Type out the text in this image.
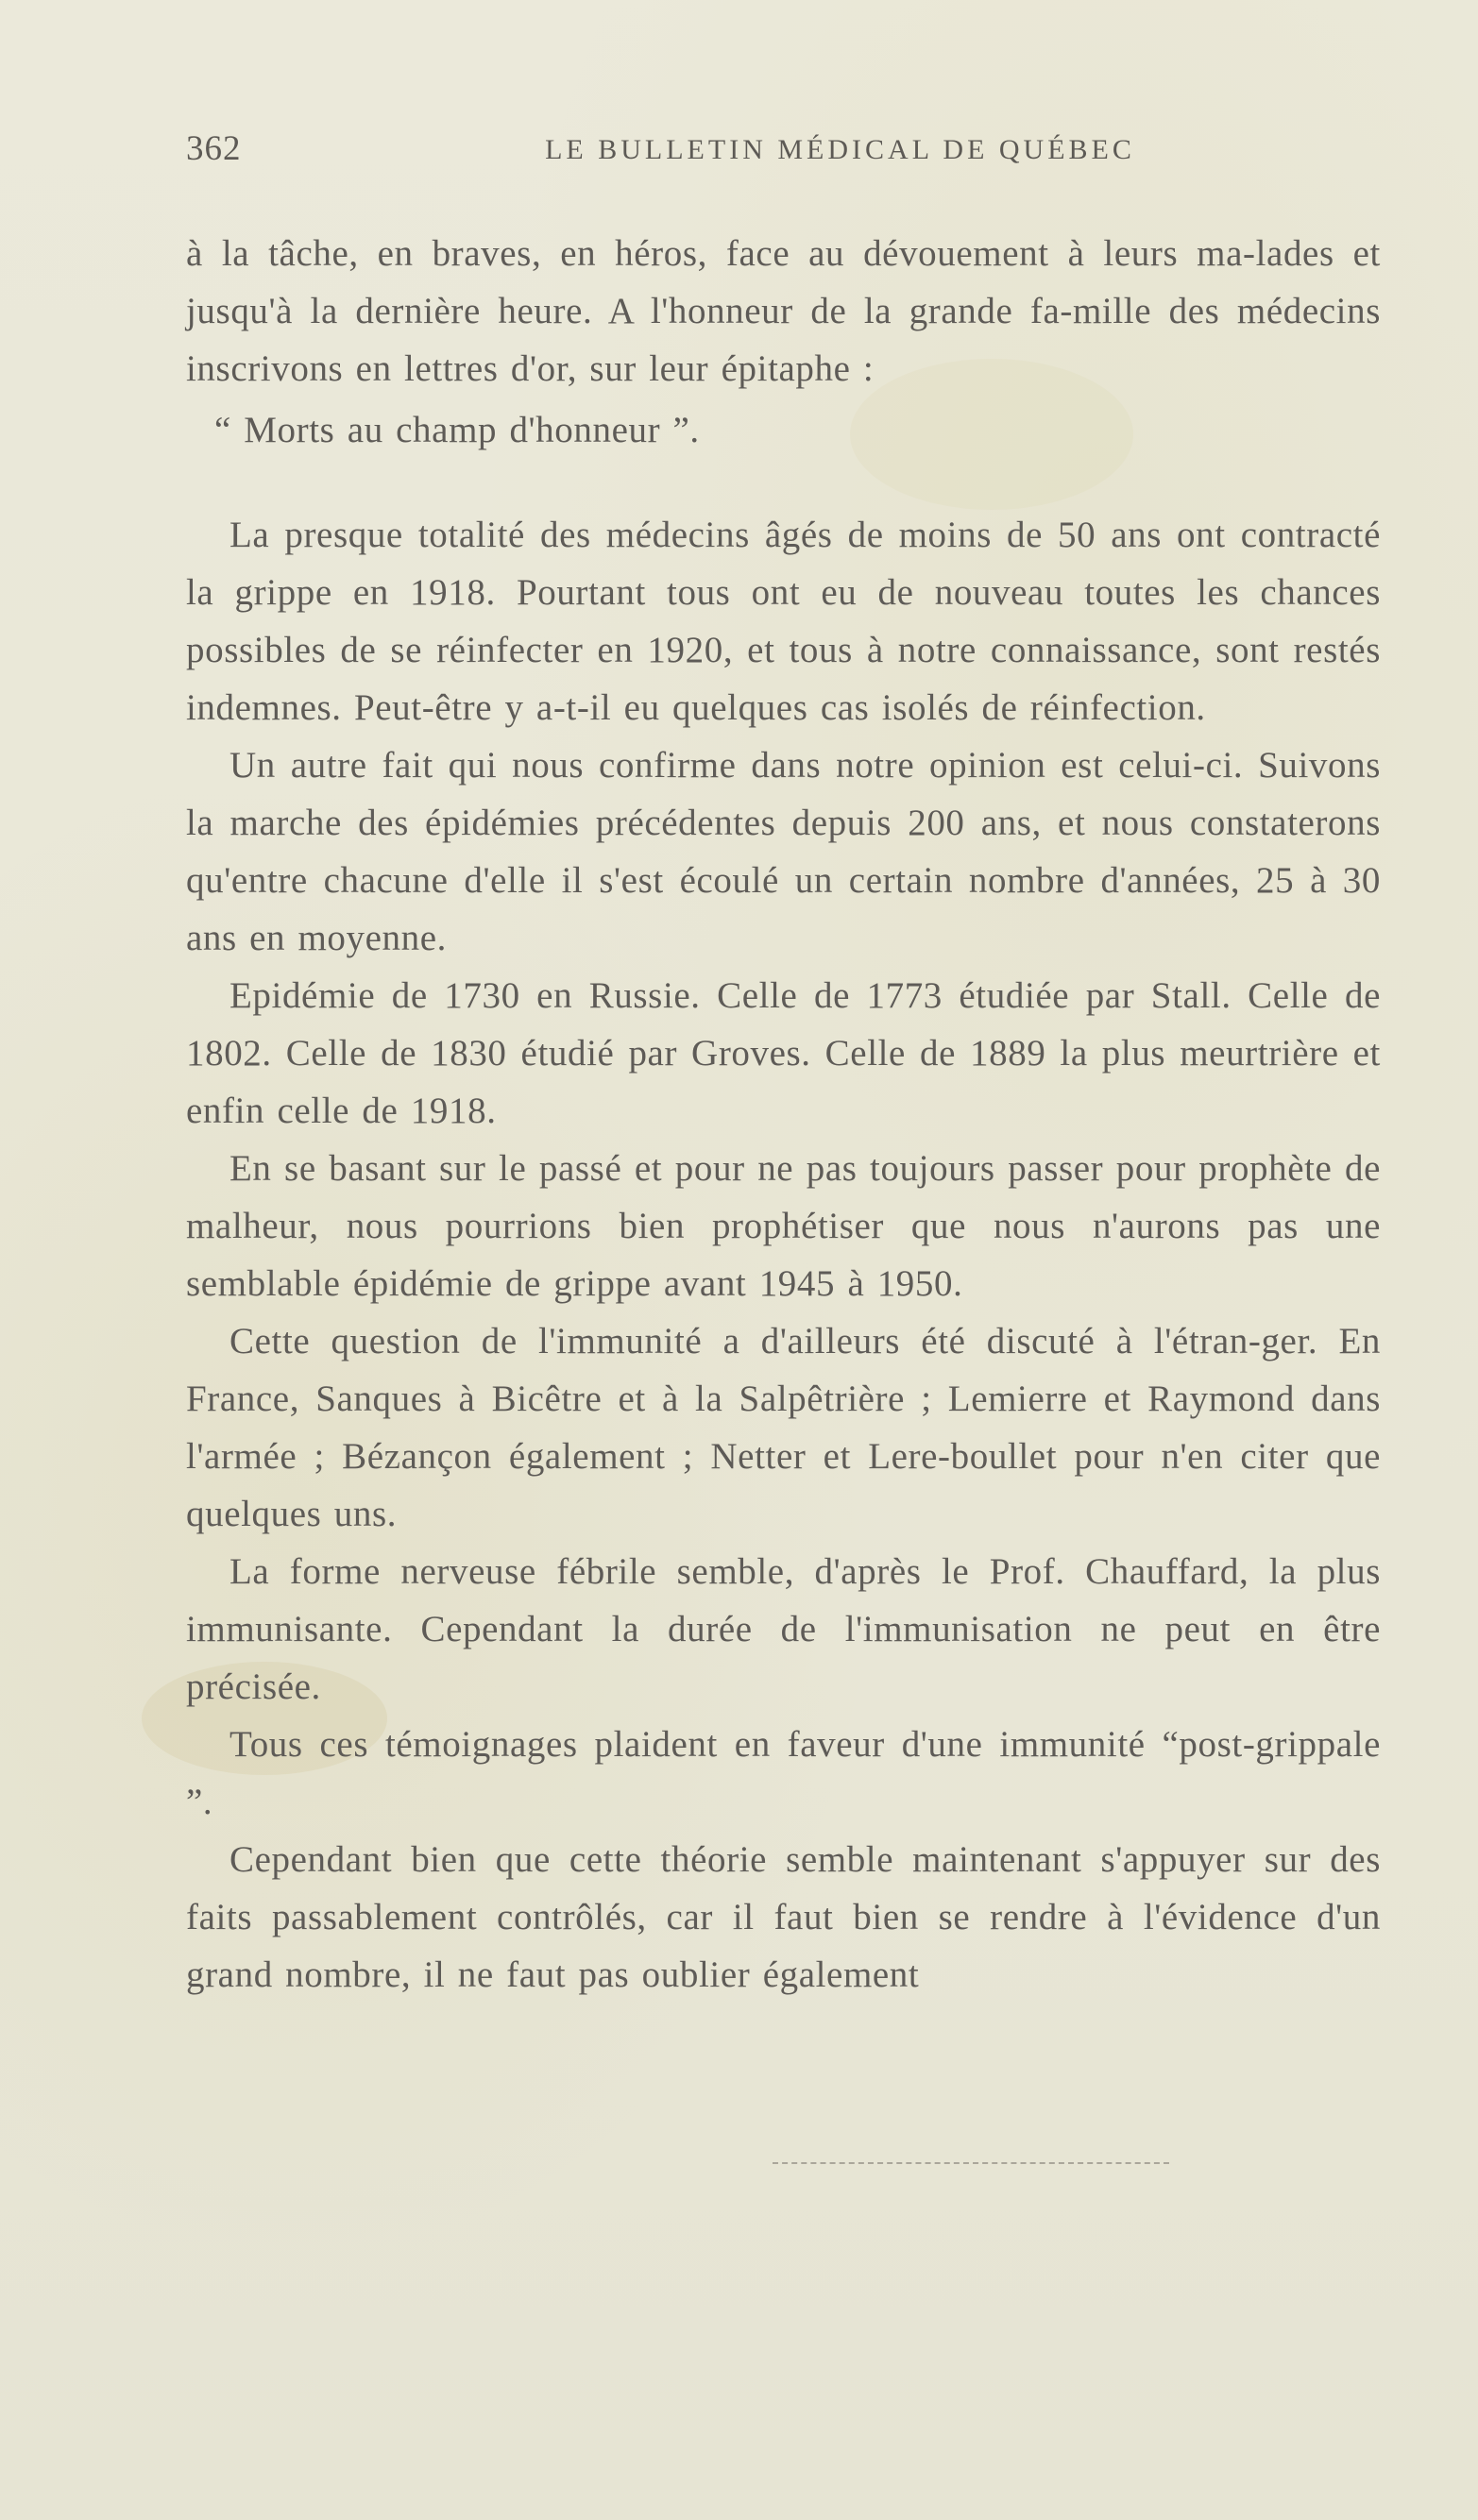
362	LE BULLETIN MÉDICAL DE QUÉBEC

à la tâche, en braves, en héros, face au dévouement à leurs ma-lades et jusqu'à la dernière heure. A l'honneur de la grande fa-mille des médecins inscrivons en lettres d'or, sur leur épitaphe :

“ Morts au champ d'honneur ”.

La presque totalité des médecins âgés de moins de 50 ans ont contracté la grippe en 1918. Pourtant tous ont eu de nouveau toutes les chances possibles de se réinfecter en 1920, et tous à notre connaissance, sont restés indemnes. Peut-être y a-t-il eu quelques cas isolés de réinfection.

Un autre fait qui nous confirme dans notre opinion est celui-ci. Suivons la marche des épidémies précédentes depuis 200 ans, et nous constaterons qu'entre chacune d'elle il s'est écoulé un certain nombre d'années, 25 à 30 ans en moyenne.

Epidémie de 1730 en Russie. Celle de 1773 étudiée par Stall. Celle de 1802. Celle de 1830 étudié par Groves. Celle de 1889 la plus meurtrière et enfin celle de 1918.

En se basant sur le passé et pour ne pas toujours passer pour prophète de malheur, nous pourrions bien prophétiser que nous n'aurons pas une semblable épidémie de grippe avant 1945 à 1950.

Cette question de l'immunité a d'ailleurs été discuté à l'étran-ger. En France, Sanques à Bicêtre et à la Salpêtrière ; Lemierre et Raymond dans l'armée ; Bézançon également ; Netter et Lere-boullet pour n'en citer que quelques uns.

La forme nerveuse fébrile semble, d'après le Prof. Chauffard, la plus immunisante. Cependant la durée de l'immunisation ne peut en être précisée.

Tous ces témoignages plaident en faveur d'une immunité “post-grippale ”.

Cependant bien que cette théorie semble maintenant s'appuyer sur des faits passablement contrôlés, car il faut bien se rendre à l'évidence d'un grand nombre, il ne faut pas oublier également
